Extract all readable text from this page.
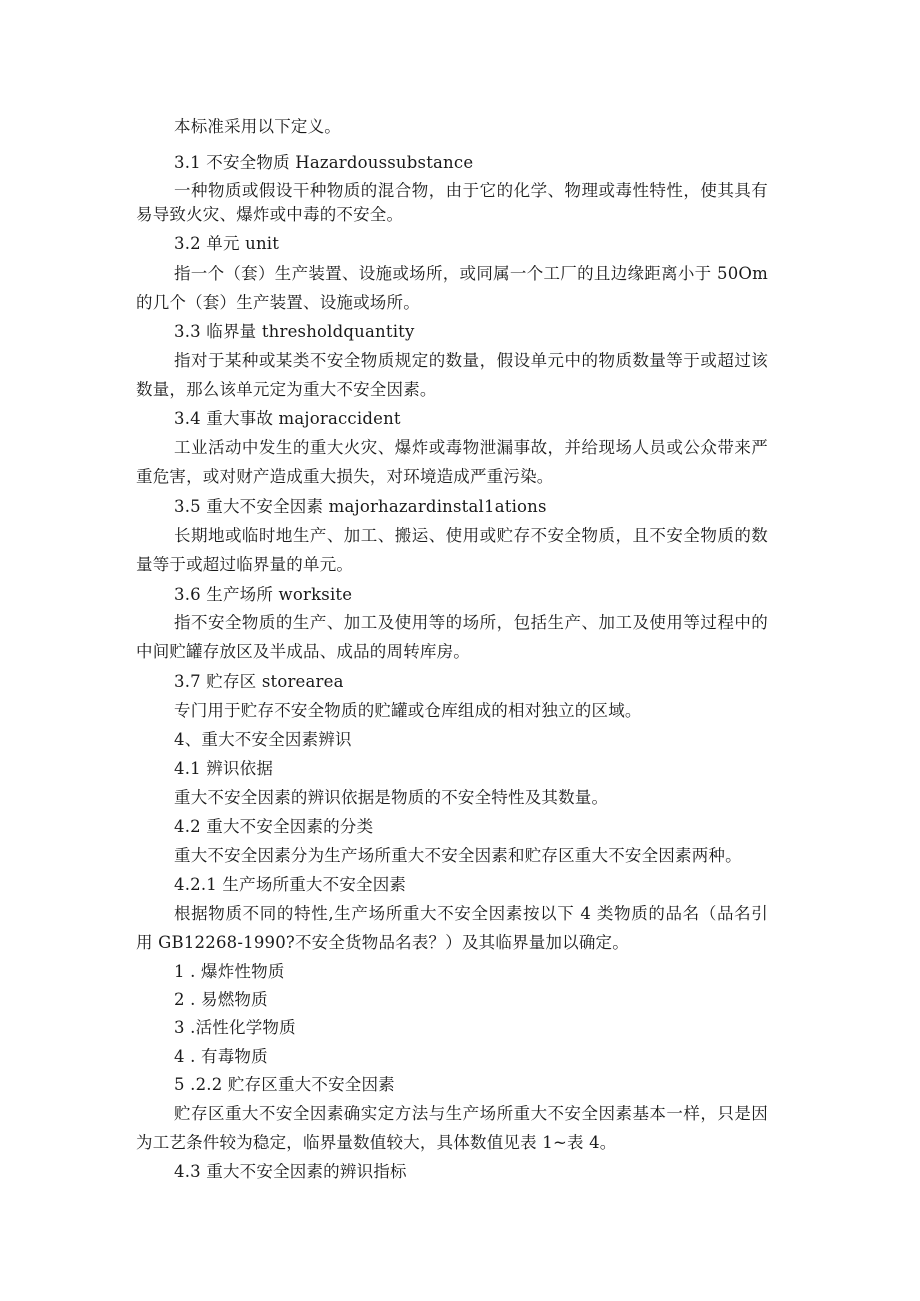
本标准采用以下定义。
3.1 不安全物质 Hazardoussubstance
一种物质或假设干种物质的混合物，由于它的化学、物理或毒性特性，使其具有
易导致火灾、爆炸或中毒的不安全。
3.2 单元 unit
指一个（套）生产装置、设施或场所，或同属一个工厂的且边缘距离小于 50Om
的几个（套）生产装置、设施或场所。
3.3 临界量 thresholdquantity
指对于某种或某类不安全物质规定的数量，假设单元中的物质数量等于或超过该
数量，那么该单元定为重大不安全因素。
3.4 重大事故 majoraccident
工业活动中发生的重大火灾、爆炸或毒物泄漏事故，并给现场人员或公众带来严
重危害，或对财产造成重大损失，对环境造成严重污染。
3.5 重大不安全因素 majorhazardinstal1ations
长期地或临时地生产、加工、搬运、使用或贮存不安全物质，且不安全物质的数
量等于或超过临界量的单元。
3.6 生产场所 worksite
指不安全物质的生产、加工及使用等的场所，包括生产、加工及使用等过程中的
中间贮罐存放区及半成品、成品的周转库房。
3.7 贮存区 storearea
专门用于贮存不安全物质的贮罐或仓库组成的相对独立的区域。
4、重大不安全因素辨识
4.1 辨识依据
重大不安全因素的辨识依据是物质的不安全特性及其数量。
4.2 重大不安全因素的分类
重大不安全因素分为生产场所重大不安全因素和贮存区重大不安全因素两种。
4.2.1 生产场所重大不安全因素
根据物质不同的特性,生产场所重大不安全因素按以下 4 类物质的品名（品名引
用 GB12268-1990?不安全货物品名表？）及其临界量加以确定。
1 . 爆炸性物质
2 . 易燃物质
3 .活性化学物质
4 . 有毒物质
5 .2.2 贮存区重大不安全因素
贮存区重大不安全因素确实定方法与生产场所重大不安全因素基本一样，只是因
为工艺条件较为稳定，临界量数值较大，具体数值见表 1~表 4。
4.3 重大不安全因素的辨识指标
